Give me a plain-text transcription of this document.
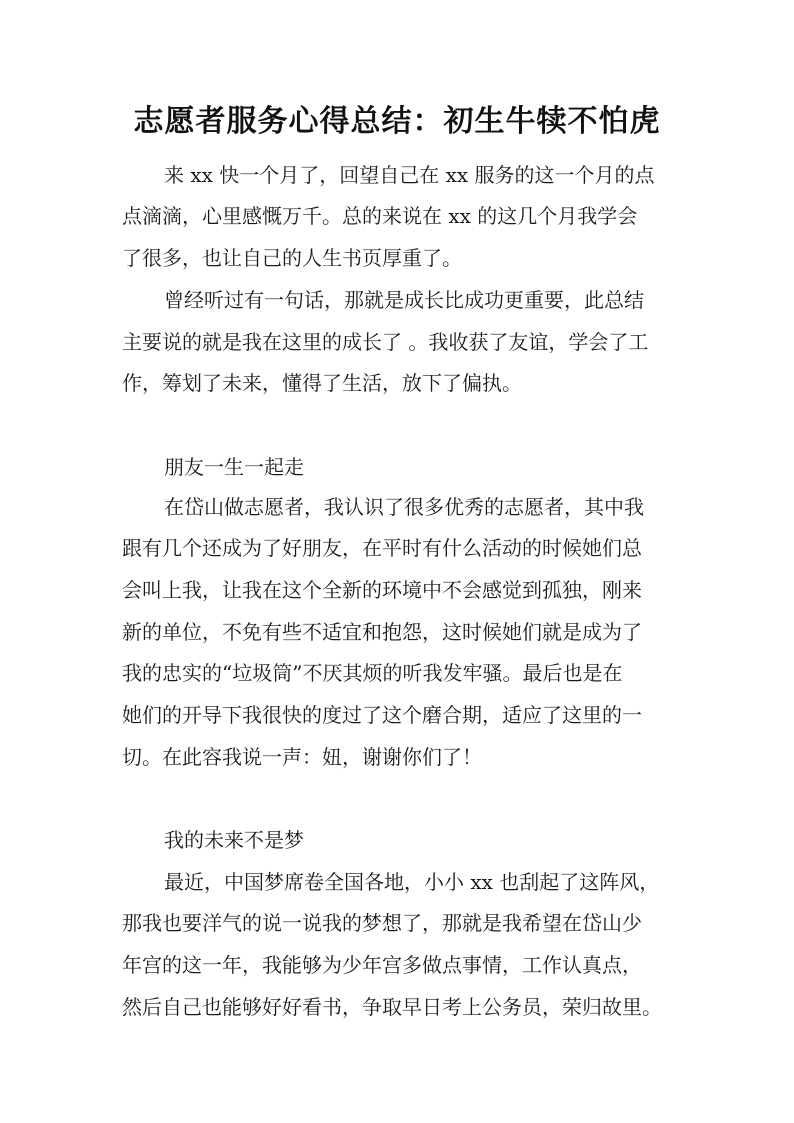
志愿者服务心得总结：初生牛犊不怕虎
来 xx 快一个月了，回望自己在 xx 服务的这一个月的点
点滴滴，心里感慨万千。总的来说在 xx 的这几个月我学会
了很多，也让自己的人生书页厚重了。
曾经听过有一句话，那就是成长比成功更重要，此总结
主要说的就是我在这里的成长了 。我收获了友谊，学会了工
作，筹划了未来，懂得了生活，放下了偏执。
朋友一生一起走
在岱山做志愿者，我认识了很多优秀的志愿者，其中我
跟有几个还成为了好朋友，在平时有什么活动的时候她们总
会叫上我，让我在这个全新的环境中不会感觉到孤独，刚来
新的单位，不免有些不适宜和抱怨，这时候她们就是成为了
我的忠实的“垃圾筒”不厌其烦的听我发牢骚。最后也是在
她们的开导下我很快的度过了这个磨合期，适应了这里的一
切。在此容我说一声：妞，谢谢你们了！
我的未来不是梦
最近，中国梦席卷全国各地，小小 xx 也刮起了这阵风，
那我也要洋气的说一说我的梦想了，那就是我希望在岱山少
年宫的这一年，我能够为少年宫多做点事情，工作认真点，
然后自己也能够好好看书，争取早日考上公务员，荣归故里。
